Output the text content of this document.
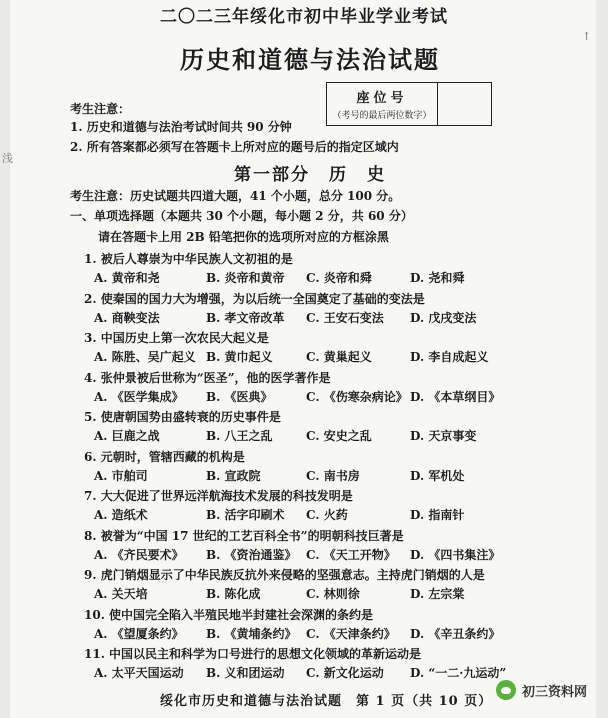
二〇二三年绥化市初中毕业学业考试
历史和道德与法治试题
座位号
（考号的最后两位数字）
考生注意：
1. 历史和道德与法治考试时间共 90 分钟
2. 所有答案都必须写在答题卡上所对应的题号后的指定区域内
第一部分　历　史
考生注意：历史试题共四道大题，41 个小题，总分 100 分。
一、单项选择题（本题共 30 个小题，每小题 2 分，共 60 分）
请在答题卡上用 2B 铅笔把你的选项所对应的方框涂黑
1. 被后人尊崇为中华民族人文初祖的是
A. 黄帝和尧	B. 炎帝和黄帝 C. 炎帝和舜	D. 尧和舜
2. 使秦国的国力大为增强，为以后统一全国奠定了基础的变法是
A. 商鞅变法	B. 孝文帝改革 C. 王安石变法 D. 戊戌变法
3. 中国历史上第一次农民大起义是
A. 陈胜、吴广起义 B. 黄巾起义	C. 黄巢起义	D. 李自成起义
4. 张仲景被后世称为“医圣”，他的医学著作是
A. 《医学集成》 B. 《医典》	C. 《伤寒杂病论》 D. 《本草纲目》
5. 使唐朝国势由盛转衰的历史事件是
A. 巨鹿之战	B. 八王之乱	C. 安史之乱	D. 天京事变
6. 元朝时，管辖西藏的机构是
A. 市舶司	B. 宣政院	C. 南书房	D. 军机处
7. 大大促进了世界远洋航海技术发展的科技发明是
A. 造纸术	B. 活字印刷术 C. 火药	D. 指南针
8. 被誉为“中国 17 世纪的工艺百科全书”的明朝科技巨著是
A. 《齐民要术》 B. 《资治通鉴》 C. 《天工开物》 D. 《四书集注》
9. 虎门销烟显示了中华民族反抗外来侵略的坚强意志。主持虎门销烟的人是
A. 关天培	B. 陈化成	C. 林则徐	D. 左宗棠
10. 使中国完全陷入半殖民地半封建社会深渊的条约是
A. 《望厦条约》 B. 《黄埔条约》 C. 《天津条约》 D. 《辛丑条约》
11. 中国以民主和科学为口号进行的思想文化领域的革新运动是
A. 太平天国运动 B. 义和团运动 C. 新文化运动 D. “一二·九运动”
绥化市历史和道德与法治试题　第 1 页（共 10 页）
初三资料网
浅
↑
